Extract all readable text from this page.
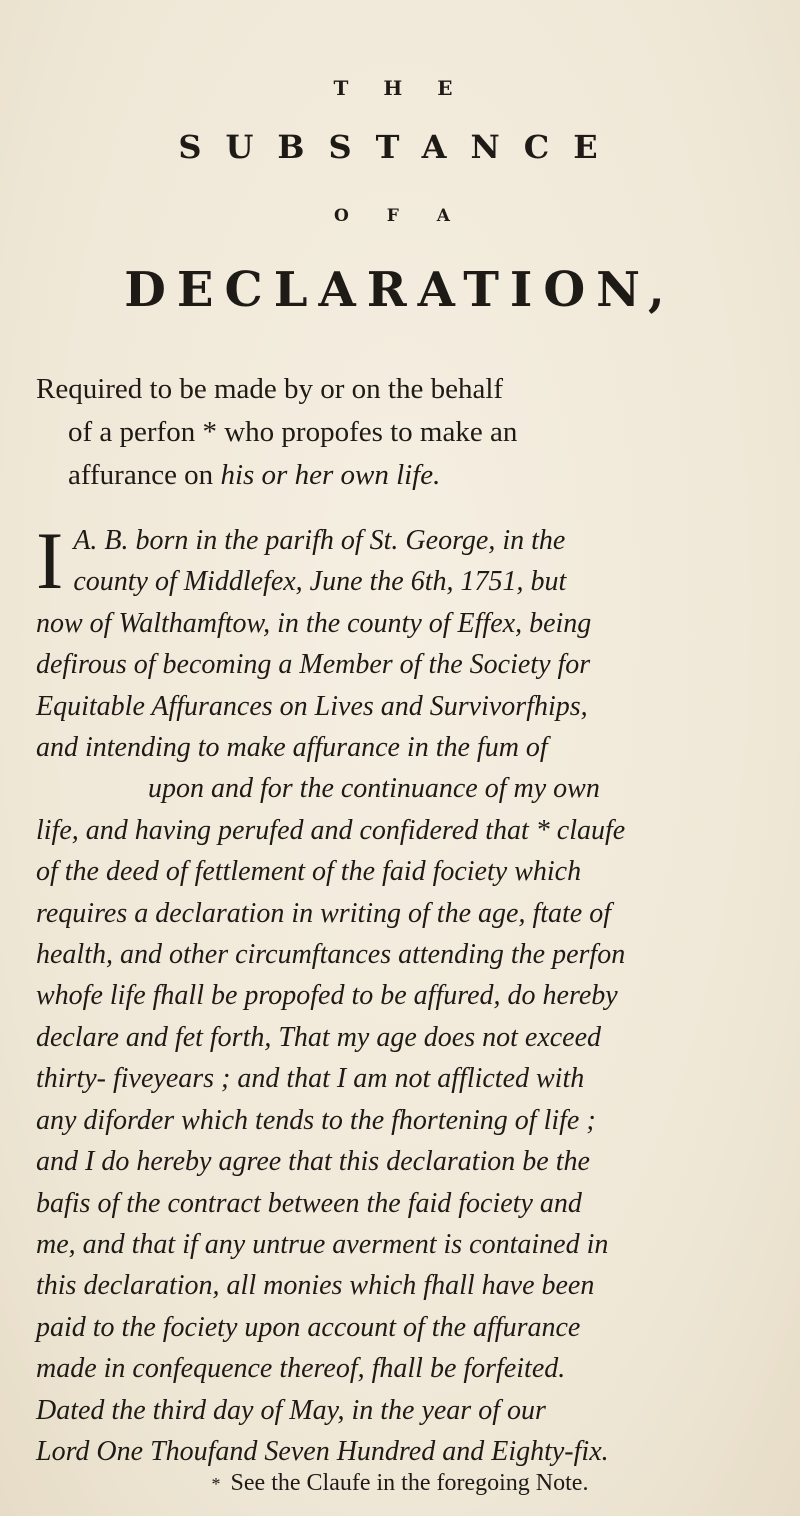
T H E
SUBSTANCE
O F A
DECLARATION,
Required to be made by or on the behalf
of a perfon * who propofes to make an
affurance on his or her own life.
I A. B. born in the parifh of St. George, in the
county of Middlefex, June the 6th, 1751, but
now of Walthamftow, in the county of Effex, being
defirous of becoming a Member of the Society for
Equitable Affurances on Lives and Survivorfhips,
and intending to make affurance in the fum of
upon and for the continuance of my own
life, and having perufed and confidered that * claufe
of the deed of fettlement of the faid fociety which
requires a declaration in writing of the age, ftate of
health, and other circumftances attending the perfon
whofe life fhall be propofed to be affured, do hereby
declare and fet forth, That my age does not exceed
thirty- fiveyears ; and that I am not afflicted with
any diforder which tends to the fhortening of life ;
and I do hereby agree that this declaration be the
bafis of the contract between the faid fociety and
me, and that if any untrue averment is contained in
this declaration, all monies which fhall have been
paid to the fociety upon account of the affurance
made in confequence thereof, fhall be forfeited.
Dated the third day of May, in the year of our
Lord One Thoufand Seven Hundred and Eighty-fix.
* See the Claufe in the foregoing Note.
